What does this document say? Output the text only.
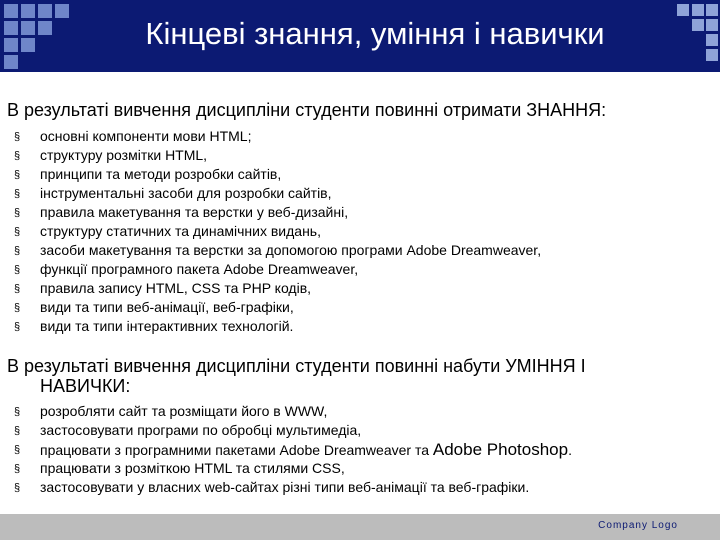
Кінцеві знання, уміння і навички
В результаті вивчення дисципліни студенти повинні отримати ЗНАННЯ:
§ основні компоненти мови HTML;
§ структуру розмітки HTML,
§ принципи та методи розробки сайтів,
§ інструментальні засоби для розробки сайтів,
§ правила макетування та верстки у веб-дизайні,
§ структуру статичних та динамічних видань,
§ засоби макетування та верстки за допомогою програми Adobe Dreamweaver,
§ функції програмного пакета Adobe Dreamweaver,
§ правила запису HTML, CSS та PHP кодів,
§ види та типи веб-анімації, веб-графіки,
§ види та типи інтерактивних технологій.
В результаті вивчення дисципліни студенти повинні набути УМІННЯ І
НАВИЧКИ:
§ розробляти сайт та розміщати його в WWW,
§ застосовувати програми по обробці мультимедіа,
§ працювати з програмними пакетами Adobe Dreamweaver та Adobe Photoshop.
§ працювати з розміткою HTML та стилями CSS,
§ застосовувати у власних web-сайтах різні типи веб-анімації та веб-графіки.
Company Logo
